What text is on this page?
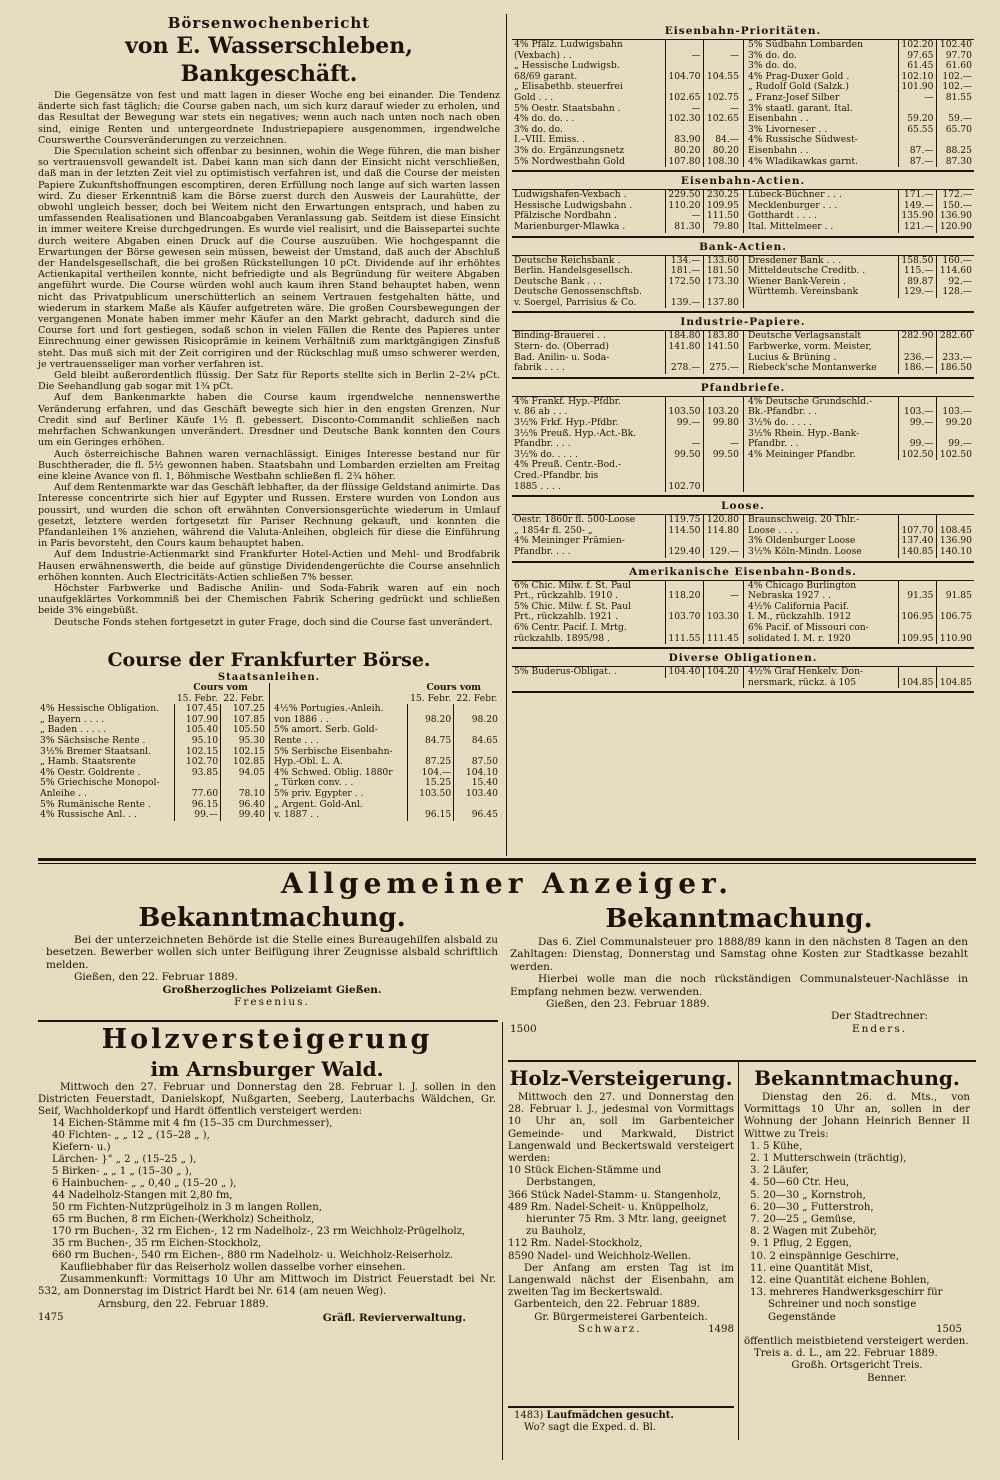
Börsenwochenbericht
von E. Wasserschleben, Bankgeschäft.

Die Gegensätze von fest und matt lagen in dieser Woche eng bei einander. Die Tendenz änderte sich fast täglich; die Course gaben nach, um sich kurz darauf wieder zu erholen, und das Resultat der Bewegung war stets ein negatives; wenn auch nach unten noch nach oben sind, einige Renten und untergeordnete Industriepapiere ausgenommen, irgendwelche Courswerthe Coursveränderungen zu verzeichnen.

Die Speculation scheint sich offenbar zu besinnen, wohin die Wege führen, die man bisher so vertrauensvoll gewandelt ist. Dabei kann man sich dann der Einsicht nicht verschließen, daß man in der letzten Zeit viel zu optimistisch verfahren ist, und daß die Course der meisten Papiere Zukunftshoffnungen escomptiren, deren Erfüllung noch lange auf sich warten lassen wird. Zu dieser Erkenntniß kam die Börse zuerst durch den Ausweis der Laurahütte, der obwohl ungleich besser, doch bei Weitem nicht den Erwartungen entsprach, und haben zu umfassenden Realisationen und Blancoabgaben Veranlassung gab. Seitdem ist diese Einsicht in immer weitere Kreise durchgedrungen. Es wurde viel realisirt, und die Baissepartei suchte durch weitere Abgaben einen Druck auf die Course auszuüben. Wie hochgespannt die Erwartungen der Börse gewesen sein müssen, beweist der Umstand, daß auch der Abschluß der Handelsgesellschaft, die bei großen Rückstellungen 10 pCt. Dividende auf ihr erhöhtes Actienkapital vertheilen konnte, nicht befriedigte und als Begründung für weitere Abgaben angeführt wurde. Die Course würden wohl auch kaum ihren Stand behauptet haben, wenn nicht das Privatpublicum unerschütterlich an seinem Vertrauen festgehalten hätte, und wiederum in starkem Maße als Käufer aufgetreten wäre. Die großen Coursbewegungen der vergangenen Monate haben immer mehr Käufer an den Markt gebracht, dadurch sind die Course fort und fort gestiegen, sodaß schon in vielen Fällen die Rente des Papieres unter Einrechnung einer gewissen Risicoprämie in keinem Verhältniß zum marktgängigen Zinsfuß steht. Das muß sich mit der Zeit corrigiren und der Rückschlag muß umso schwerer werden, je vertrauensseliger man vorher verfahren ist.

Geld bleibt außerordentlich flüssig. Der Satz für Reports stellte sich in Berlin 2–2¼ pCt. Die Seehandlung gab sogar mit 1¾ pCt.

Auf dem Bankenmarkte haben die Course kaum irgendwelche nennenswerthe Veränderung erfahren, und das Geschäft bewegte sich hier in den engsten Grenzen. Nur Credit sind auf Berliner Käufe 1½ fl. gebessert. Disconto-Commandit schließen nach mehrfachen Schwankungen unverändert. Dresdner und Deutsche Bank konnten den Cours um ein Geringes erhöhen.

Auch österreichische Bahnen waren vernachlässigt. Einiges Interesse bestand nur für Buschtherader, die fl. 5½ gewonnen haben. Staatsbahn und Lombarden erzielten am Freitag eine kleine Avance von fl. 1, Böhmische Westbahn schließen fl. 2¾ höher.

Auf dem Rentenmarkte war das Geschäft lebhafter, da der flüssige Geldstand animirte. Das Interesse concentrirte sich hier auf Egypter und Russen. Erstere wurden von London aus poussirt, und wurden die schon oft erwähnten Conversionsgerüchte wiederum in Umlauf gesetzt, letztere werden fortgesetzt für Pariser Rechnung gekauft, und konnten die Pfandanleihen 1% anziehen, während die Valuta-Anleihen, obgleich für diese die Einführung in Paris bevorsteht, den Cours kaum behauptet haben.

Auf dem Industrie-Actienmarkt sind Frankfurter Hotel-Actien und Mehl- und Brodfabrik Hausen erwähnenswerth, die beide auf günstige Dividendengerüchte die Course ansehnlich erhöhen konnten. Auch Electricitäts-Actien schließen 7% besser.

Höchster Farbwerke und Badische Anilin- und Soda-Fabrik waren auf ein noch unaufgeklärtes Vorkommniß bei der Chemischen Fabrik Schering gedrückt und schließen beide 3% eingebüßt.

Deutsche Fonds stehen fortgesetzt in guter Frage, doch sind die Course fast unverändert.

Course der Frankfurter Börse.
Staatsanleihen.
	Cours vom	
	15. Febr.	22. Febr.
4% Hessische Obligation.	107.45	107.25
„ Bayern . . . .	107.90	107.85
„ Baden . . . . .	105.40	105.50
3% Sächsische Rente .	95.10	95.30
3½% Bremer Staatsanl.	102.15	102.15
„ Hamb. Staatsrente	102.70	102.85
4% Oestr. Goldrente .	93.85	94.05
5% Griechische Monopol-		
Anleihe . .	77.60	78.10
5% Rumänische Rente .	96.15	96.40
4% Russische Anl. . .	99.—	99.40
	Cours vom	
	15. Febr.	22. Febr.
4½% Portugies.-Anleih.		
von 1886 . .	98.20	98.20
5% amort. Serb. Gold-		
Rente . . .	84.75	84.65
5% Serbische Eisenbahn-		
Hyp.-Obl. L. A.	87.25	87.50
4% Schwed. Oblig. 1880r	104.—	104.10
„ Türken conv. . .	15.25	15.40
5% priv. Egypter . .	103.50	103.40
„ Argent. Gold-Anl.		
v. 1887 . .	96.15	96.45
Eisenbahn-Prioritäten.
4% Pfälz. Ludwigsbahn		
(Vexbach) . .	—	—
„ Hessische Ludwigsb.		
68/69 garant.	104.70	104.55
„ Elisabethb. steuerfrei		
Gold . . .	102.65	102.75
5% Oestr. Staatsbahn .	—	—
4% do. do. . .	102.30	102.65
3% do. do.		
I.–VIII. Emiss. .	83.90	84.—
3% do. Ergänzungsnetz	80.20	80.20
5% Nordwestbahn Gold	107.80	108.30
5% Südbahn Lombarden	102.20	102.40
3% do. do.	97.65	97.70
3% do. do.	61.45	61.60
4% Prag-Duxer Gold .	102.10	102.—
„ Rudolf Gold (Salzk.)	101.90	102.—
„ Franz-Josef Silber	—	81.55
3% staatl. garant. Ital.		
Eisenbahn . .	59.20	59.—
3% Livorneser . .	65.55	65.70
4% Russische Südwest-		
Eisenbahn . .	87.—	88.25
4% Wladikawkas garnt.	87.—	87.30
Eisenbahn-Actien.
Ludwigshafen-Vexbach .	229.50	230.25
Hessische Ludwigsbahn .	110.20	109.95
Pfälzische Nordbahn .	—	111.50
Marienburger-Mlawka .	81.30	79.80
Lübeck-Büchner . . .	171.—	172.—
Mecklenburger . . .	149.—	150.—
Gotthardt . . . .	135.90	136.90
Ital. Mittelmeer . .	121.—	120.90
Bank-Actien.
Deutsche Reichsbank .	134.—	133.60
Berlin. Handelsgesellsch.	181.—	181.50
Deutsche Bank . . .	172.50	173.30
Deutsche Genossenschftsb.		
v. Soergel, Parrisius & Co.	139.—	137.80
Dresdener Bank . . .	158.50	160.—
Mitteldeutsche Creditb. .	115.—	114.60
Wiener Bank-Verein .	89.87	92.—
Württemb. Vereinsbank	129.—	128.—

Industrie-Papiere.
Binding-Brauerei . .	184.80	183.80
Stern- do. (Oberrad)	141.80	141.50
Bad. Anilin- u. Soda-		
fabrik . . . .	278.—	275.—
Deutsche Verlagsanstalt	282.90	282.60
Farbwerke, vorm. Meister,		
Lucius & Brüning .	236.—	233.—
Riebeck'sche Montanwerke	186.—	186.50
Pfandbriefe.
4% Frankf. Hyp.-Pfdbr.		
v. 86 ab . . .	103.50	103.20
3½% Frkf. Hyp.-Pfdbr.	99.—	99.80
3½% Preuß. Hyp.-Act.-Bk.		
Pfandbr. . . .	—	—
3½% do. . . . .	99.50	99.50
4% Preuß. Centr.-Bod.-		
Cred.-Pfandbr. bis		
1885 . . . .	102.70	
4% Deutsche Grundschld.-		
Bk.-Pfandbr. . .	103.—	103.—
3½% do. . . . .	99.—	99.20
3½% Rhein. Hyp.-Bank-		
Pfandbr. . .	99.—	99.—
4% Meininger Pfandbr.	102.50	102.50

Loose.
Oestr. 1860r fl. 500-Loose	119.75	120.80
„ 1854r fl. 250- „	114.50	114.80
4% Meininger Prämien-		
Pfandbr. . . .	129.40	129.—
Braunschweig. 20 Thlr.-		
Loose . . . .	107.70	108.45
3% Oldenburger Loose	137.40	136.90
3½% Köln-Mindn. Loose	140.85	140.10
Amerikanische Eisenbahn-Bonds.
6% Chic. Milw. f. St. Paul		
Prt., rückzahlb. 1910 .	118.20	—
5% Chic. Milw. f. St. Paul		
Prt., rückzahlb. 1921 .	103.70	103.30
6% Centr. Pacif. I. Mrtg.		
rückzahlb. 1895/98 .	111.55	111.45
4% Chicago Burlington		
Nebraska 1927 . .	91.35	91.85
4½% California Pacif.		
I. M., rückzahlb. 1912	106.95	106.75
6% Pacif. of Missouri con-		
solidated I. M. r. 1920	109.95	110.90
Diverse Obligationen.
5% Buderus-Obligat. .	104.40	104.20
		4½% Graf Henkelv. Don-		
nersmark, rückz. à 105	104.85	104.85
Allgemeiner Anzeiger.
Bekanntmachung.

Bei der unterzeichneten Behörde ist die Stelle eines Bureaugehilfen alsbald zu besetzen. Bewerber wollen sich unter Beifügung ihrer Zeugnisse alsbald schriftlich melden.

Gießen, den 22. Februar 1889.

Großherzogliches Polizeiamt Gießen.

Fresenius.

Bekanntmachung.

Das 6. Ziel Communalsteuer pro 1888/89 kann in den nächsten 8 Tagen an den Zahltagen: Dienstag, Donnerstag und Samstag ohne Kosten zur Stadtkasse bezahlt werden.

Hierbei wolle man die noch rückständigen Communalsteuer-Nachlässe in Empfang nehmen bezw. verwenden.

Gießen, den 23. Februar 1889.

1500
Der Stadtrechner:
Enders.
Holzversteigerung
im Arnsburger Wald.

Mittwoch den 27. Februar und Donnerstag den 28. Februar l. J. sollen in den Districten Feuerstadt, Danielskopf, Nußgarten, Seeberg, Lauterbachs Wäldchen, Gr. Seif, Wachholderkopf und Hardt öffentlich versteigert werden:

14 Eichen-Stämme mit 4 fm (15–35 cm Durchmesser),
40 Fichten- „ „ 12 „ (15–28 „ ),
Kiefern- u.)
Lärchen- }" „ 2 „ (15–25 „ ),
5 Birken- „ „ 1 „ (15–30 „ ),
6 Hainbuchen- „ „ 0,40 „ (15–20 „ ),
44 Nadelholz-Stangen mit 2,80 fm,
50 rm Fichten-Nutzprügelholz in 3 m langen Rollen,
65 rm Buchen, 8 rm Eichen-(Werkholz) Scheitholz,
170 rm Buchen-, 32 rm Eichen-, 12 rm Nadelholz-, 23 rm Weichholz-Prügelholz,
35 rm Buchen-, 35 rm Eichen-Stockholz,
660 rm Buchen-, 540 rm Eichen-, 880 rm Nadelholz- u. Weichholz-Reiserholz.

Kaufliebhaber für das Reiserholz wollen dasselbe vorher einsehen.

Zusammenkunft: Vormittags 10 Uhr am Mittwoch im District Feuerstadt bei Nr. 532, am Donnerstag im District Hardt bei Nr. 614 (am neuen Weg).

Arnsburg, den 22. Februar 1889.

1475	Gräfl. Revierverwaltung.
Holz-Versteigerung.

Mittwoch den 27. und Donnerstag den 28. Februar l. J., jedesmal von Vormittags 10 Uhr an, soll im Garbenteicher Gemeinde- und Markwald, District Langenwald und Beckertswald versteigert werden:

10 Stück Eichen-Stämme und Derbstangen,
366 Stück Nadel-Stamm- u. Stangenholz,
489 Rm. Nadel-Scheit- u. Knüppelholz, hierunter 75 Rm. 3 Mtr. lang, geeignet zu Bauholz,
112 Rm. Nadel-Stockholz,
8590 Nadel- und Weichholz-Wellen.

Der Anfang am ersten Tag ist im Langenwald nächst der Eisenbahn, am zweiten Tag im Beckertswald.

Garbenteich, den 22. Februar 1889.

Gr. Bürgermeisterei Garbenteich.

Schwarz.	1498
1483) Laufmädchen gesucht.
Wo? sagt die Exped. d. Bl.
Bekanntmachung.

Dienstag den 26. d. Mts., von Vormittags 10 Uhr an, sollen in der Wohnung der Johann Heinrich Benner II Wittwe zu Treis:

1. 5 Kühe,
2. 1 Mutterschwein (trächtig),
3. 2 Läufer,
4. 50—60 Ctr. Heu,
5. 20—30 „ Kornstroh,
6. 20—30 „ Futterstroh,
7. 20—25 „ Gemüse,
8. 2 Wagen mit Zubehör,
9. 1 Pflug, 2 Eggen,
10. 2 einspännige Geschirre,
11. eine Quantität Mist,
12. eine Quantität eichene Bohlen,
13. mehreres Handwerksgeschirr für Schreiner und noch sonstige Gegenstände

1505

öffentlich meistbietend versteigert werden.

Treis a. d. L., am 22. Februar 1889.

Großh. Ortsgericht Treis.

Benner.
